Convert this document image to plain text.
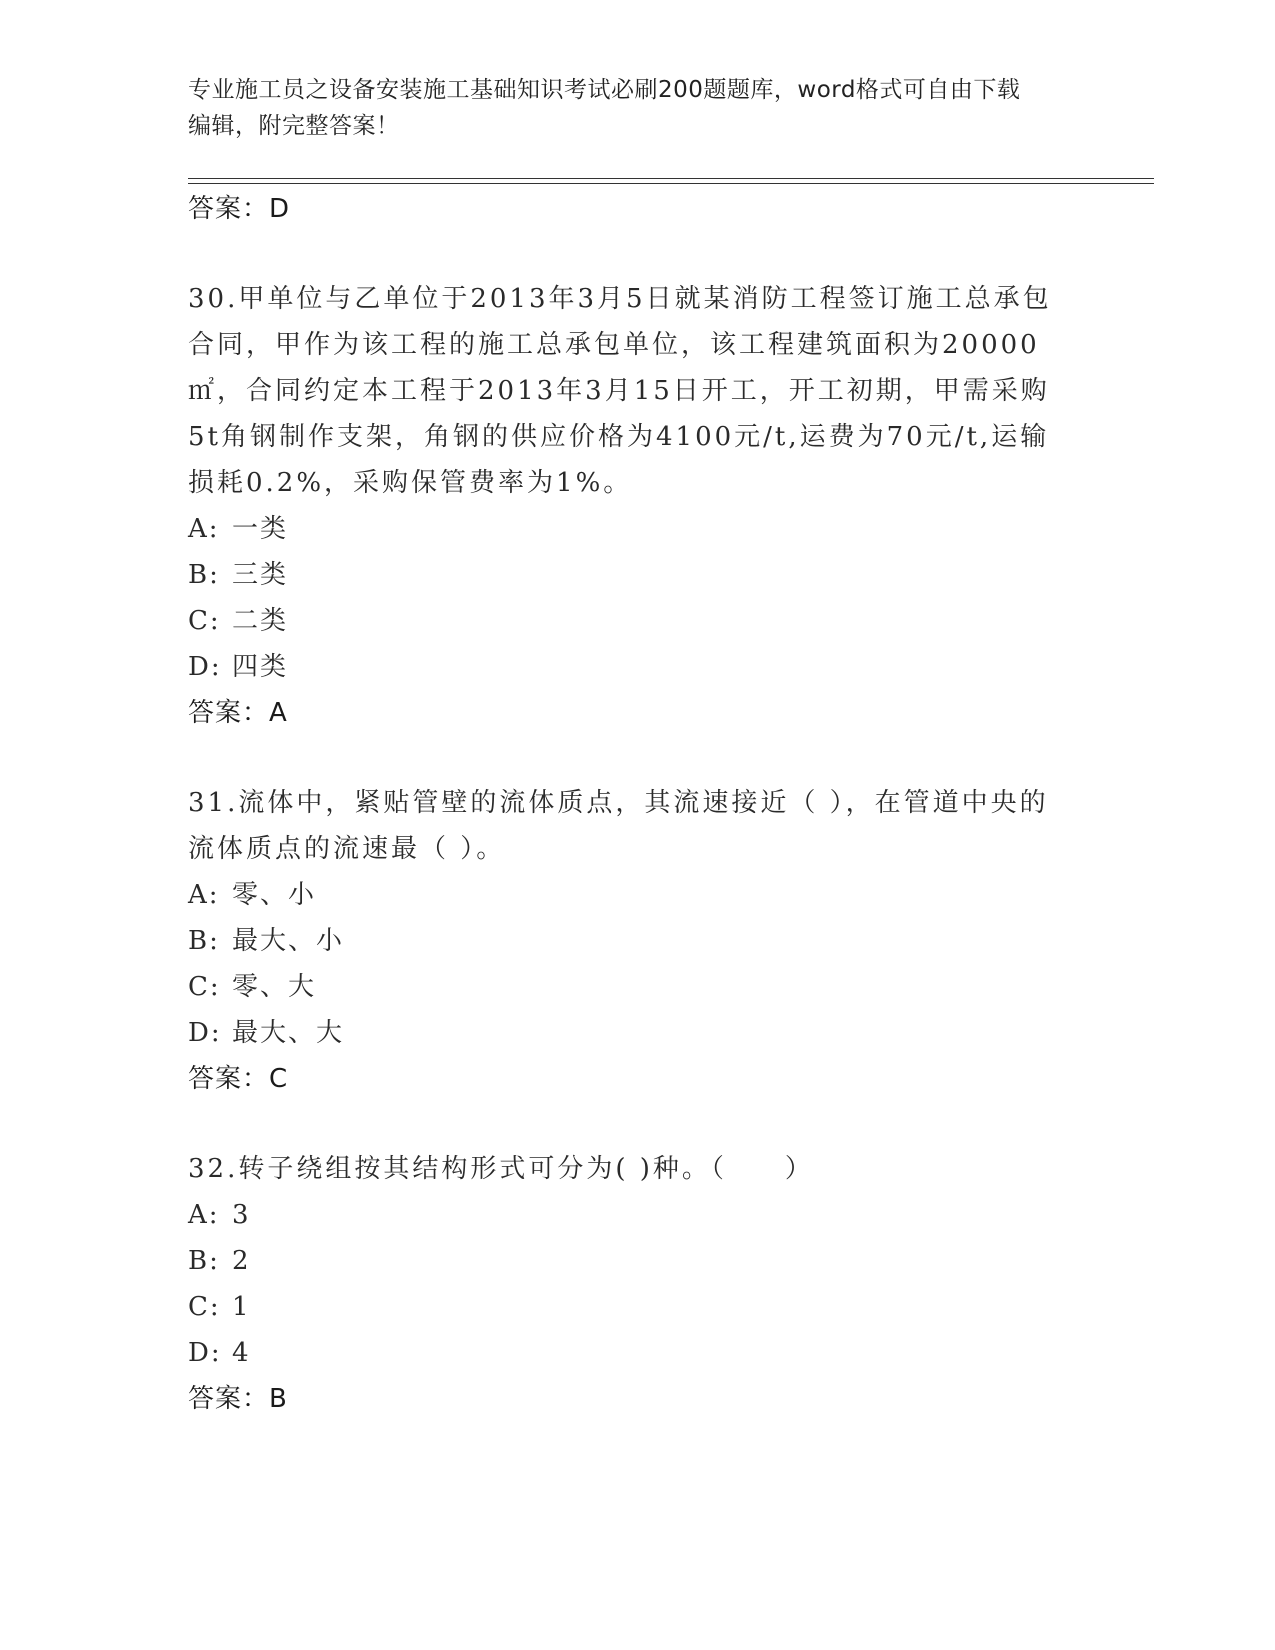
专业施工员之设备安装施工基础知识考试必刷200题题库，word格式可自由下载
编辑，附完整答案！
答案：D
30.甲单位与乙单位于2013年3月5日就某消防工程签订施工总承包合同，甲作为该工程的施工总承包单位，该工程建筑面积为20000㎡，合同约定本工程于2013年3月15日开工，开工初期，甲需采购5t角钢制作支架，角钢的供应价格为4100元/t,运费为70元/t,运输损耗0.2%，采购保管费率为1%。
A: 一类
B: 三类
C: 二类
D: 四类
答案：A
31.流体中，紧贴管壁的流体质点，其流速接近（ ），在管道中央的流体质点的流速最（ ）。
A: 零、小
B: 最大、小
C: 零、大
D: 最大、大
答案：C
32.转子绕组按其结构形式可分为( )种。（　　）
A: 3
B: 2
C: 1
D: 4
答案：B
